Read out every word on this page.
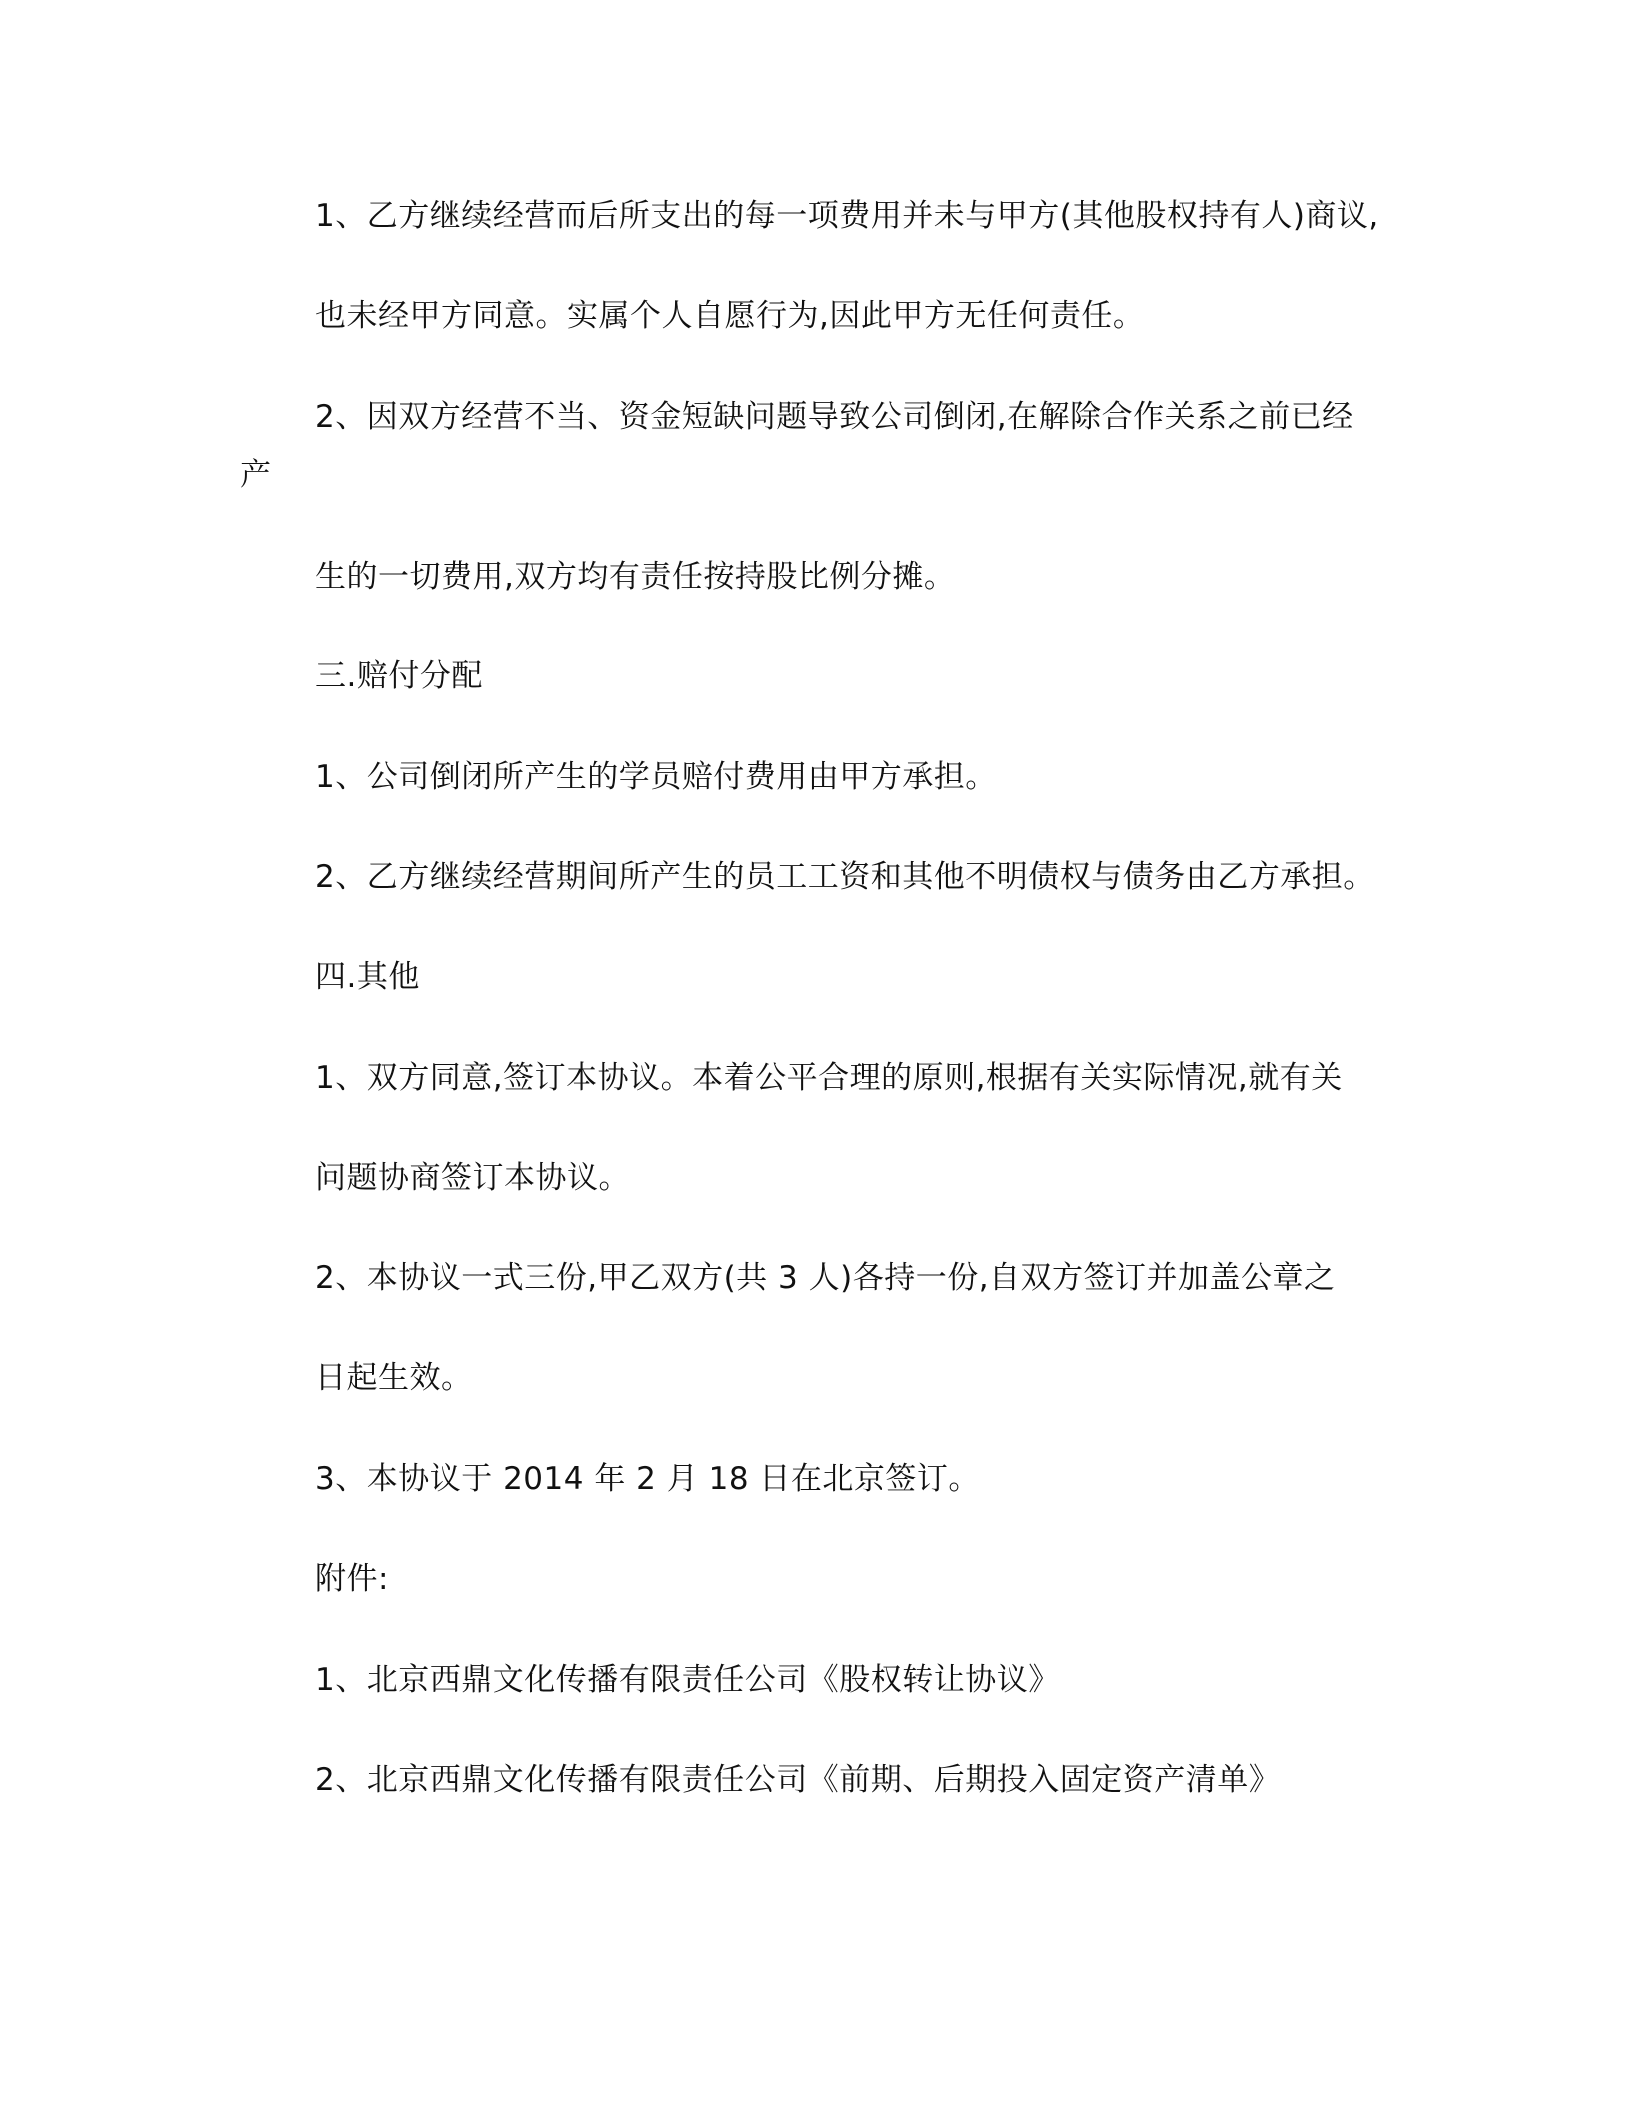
1、乙方继续经营而后所支出的每一项费用并未与甲方(其他股权持有人)商议,
也未经甲方同意。实属个人自愿行为,因此甲方无任何责任。
2、因双方经营不当、资金短缺问题导致公司倒闭,在解除合作关系之前已经
产
生的一切费用,双方均有责任按持股比例分摊。
三.赔付分配
1、公司倒闭所产生的学员赔付费用由甲方承担。
2、乙方继续经营期间所产生的员工工资和其他不明债权与债务由乙方承担。
四.其他
1、双方同意,签订本协议。本着公平合理的原则,根据有关实际情况,就有关
问题协商签订本协议。
2、本协议一式三份,甲乙双方(共 3 人)各持一份,自双方签订并加盖公章之
日起生效。
3、本协议于 2014 年 2 月 18 日在北京签订。
附件:
1、北京西鼎文化传播有限责任公司《股权转让协议》
2、北京西鼎文化传播有限责任公司《前期、后期投入固定资产清单》
